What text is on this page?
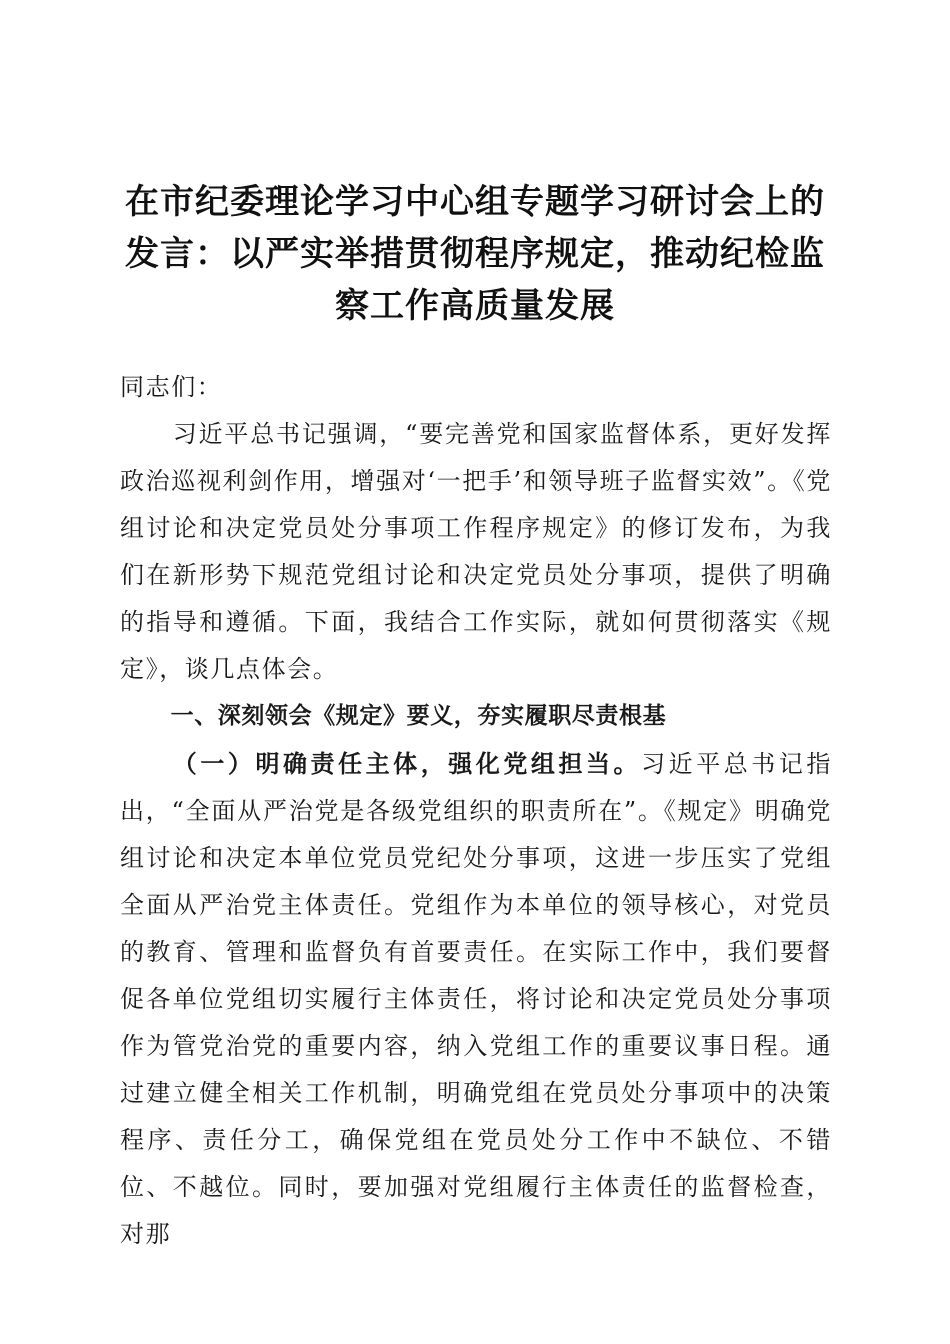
在市纪委理论学习中心组专题学习研讨会上的发言：以严实举措贯彻程序规定，推动纪检监察工作高质量发展

同志们：

习近平总书记强调，“要完善党和国家监督体系，更好发挥政治巡视利剑作用，增强对‘一把手’和领导班子监督实效”。《党组讨论和决定党员处分事项工作程序规定》的修订发布，为我们在新形势下规范党组讨论和决定党员处分事项，提供了明确的指导和遵循。下面，我结合工作实际，就如何贯彻落实《规定》，谈几点体会。

一、深刻领会《规定》要义，夯实履职尽责根基

（一）明确责任主体，强化党组担当。习近平总书记指出，“全面从严治党是各级党组织的职责所在”。《规定》明确党组讨论和决定本单位党员党纪处分事项，这进一步压实了党组全面从严治党主体责任。党组作为本单位的领导核心，对党员的教育、管理和监督负有首要责任。在实际工作中，我们要督促各单位党组切实履行主体责任，将讨论和决定党员处分事项作为管党治党的重要内容，纳入党组工作的重要议事日程。通过建立健全相关工作机制，明确党组在党员处分事项中的决策程序、责任分工，确保党组在党员处分工作中不缺位、不错位、不越位。同时，要加强对党组履行主体责任的监督检查，对那
